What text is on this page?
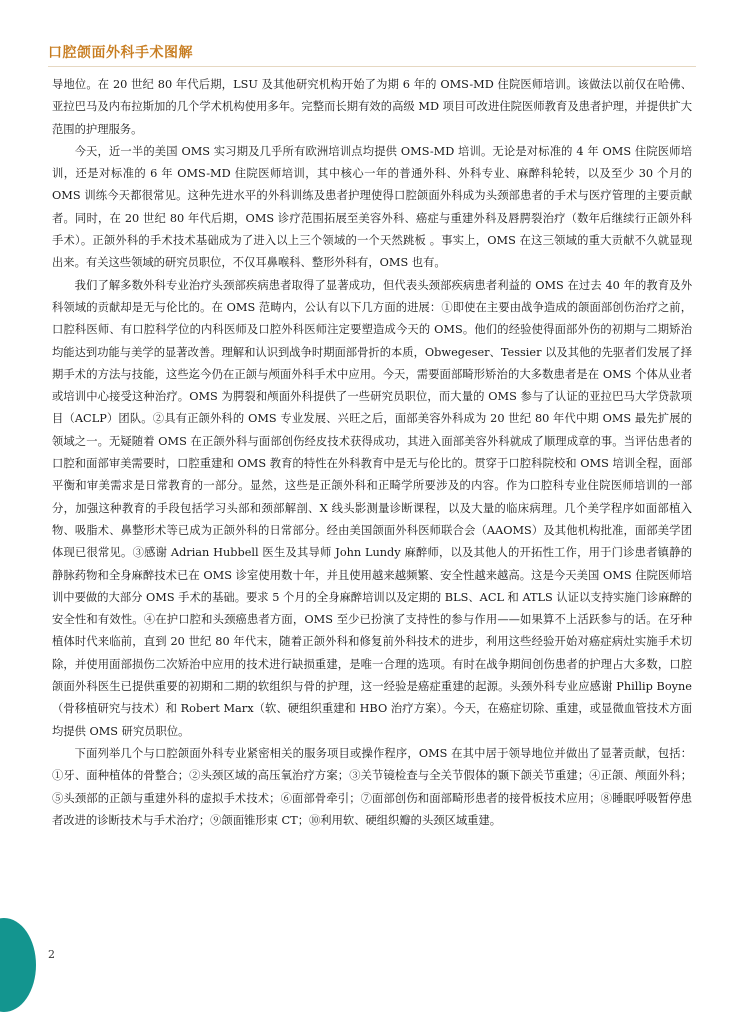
口腔颌面外科手术图解

导地位。在 20 世纪 80 年代后期，LSU 及其他研究机构开始了为期 6 年的 OMS-MD 住院医师培训。该做法以前仅在哈佛、亚拉巴马及内布拉斯加的几个学术机构使用多年。完整而长期有效的高级 MD 项目可改进住院医师教育及患者护理，并提供扩大范围的护理服务。

今天，近一半的美国 OMS 实习期及几乎所有欧洲培训点均提供 OMS-MD 培训。无论是对标准的 4 年 OMS 住院医师培训，还是对标准的 6 年 OMS-MD 住院医师培训，其中核心一年的普通外科、外科专业、麻醉科轮转，以及至少 30 个月的 OMS 训练今天都很常见。这种先进水平的外科训练及患者护理使得口腔颌面外科成为头颈部患者的手术与医疗管理的主要贡献者。同时，在 20 世纪 80 年代后期，OMS 诊疗范围拓展至美容外科、癌症与重建外科及唇腭裂治疗（数年后继续行正颌外科手术）。正颌外科的手术技术基础成为了进入以上三个领域的一个天然跳板 。事实上，OMS 在这三领域的重大贡献不久就显现出来。有关这些领域的研究员职位，不仅耳鼻喉科、整形外科有，OMS 也有。

我们了解多数外科专业治疗头颈部疾病患者取得了显著成功，但代表头颈部疾病患者利益的 OMS 在过去 40 年的教育及外科领域的贡献却是无与伦比的。在 OMS 范畴内，公认有以下几方面的进展：①即使在主要由战争造成的颌面部创伤治疗之前，口腔科医师、有口腔科学位的内科医师及口腔外科医师注定要塑造成今天的 OMS。他们的经验使得面部外伤的初期与二期矫治均能达到功能与美学的显著改善。理解和认识到战争时期面部骨折的本质，Obwegeser、Tessier 以及其他的先驱者们发展了择期手术的方法与技能，这些迄今仍在正颌与颅面外科手术中应用。今天，需要面部畸形矫治的大多数患者是在 OMS 个体从业者或培训中心接受这种治疗。OMS 为腭裂和颅面外科提供了一些研究员职位，而大量的 OMS 参与了认证的亚拉巴马大学贷款项目（ACLP）团队。②具有正颌外科的 OMS 专业发展、兴旺之后，面部美容外科成为 20 世纪 80 年代中期 OMS 最先扩展的领域之一。无疑随着 OMS 在正颌外科与面部创伤经皮技术获得成功，其进入面部美容外科就成了顺理成章的事。当评估患者的口腔和面部审美需要时，口腔重建和 OMS 教育的特性在外科教育中是无与伦比的。贯穿于口腔科院校和 OMS 培训全程，面部平衡和审美需求是日常教育的一部分。显然，这些是正颌外科和正畸学所要涉及的内容。作为口腔科专业住院医师培训的一部分，加强这种教育的手段包括学习头部和颈部解剖、X 线头影测量诊断课程，以及大量的临床病理。几个美学程序如面部植入物、吸脂术、鼻整形术等已成为正颌外科的日常部分。经由美国颌面外科医师联合会（AAOMS）及其他机构批准，面部美学团体现已很常见。③感谢 Adrian Hubbell 医生及其导师 John Lundy 麻醉师，以及其他人的开拓性工作，用于门诊患者镇静的静脉药物和全身麻醉技术已在 OMS 诊室使用数十年，并且使用越来越频繁、安全性越来越高。这是今天美国 OMS 住院医师培训中要做的大部分 OMS 手术的基础。要求 5 个月的全身麻醉培训以及定期的 BLS、ACL 和 ATLS 认证以支持实施门诊麻醉的安全性和有效性。④在护口腔和头颈癌患者方面，OMS 至少已扮演了支持性的参与作用——如果算不上活跃参与的话。在牙种植体时代来临前，直到 20 世纪 80 年代末，随着正颌外科和修复前外科技术的进步，利用这些经验开始对癌症病灶实施手术切除，并使用面部损伤二次矫治中应用的技术进行缺损重建，是唯一合理的选项。有时在战争期间创伤患者的护理占大多数，口腔颌面外科医生已提供重要的初期和二期的软组织与骨的护理，这一经验是癌症重建的起源。头颈外科专业应感谢 Phillip Boyne（骨移植研究与技术）和 Robert Marx（软、硬组织重建和 HBO 治疗方案）。今天，在癌症切除、重建，或显微血管技术方面均提供 OMS 研究员职位。

下面列举几个与口腔颌面外科专业紧密相关的服务项目或操作程序，OMS 在其中居于领导地位并做出了显著贡献，包括：①牙、面种植体的骨整合；②头颈区域的高压氧治疗方案；③关节镜检查与全关节假体的颞下颌关节重建；④正颌、颅面外科；⑤头颈部的正颌与重建外科的虚拟手术技术；⑥面部骨牵引；⑦面部创伤和面部畸形患者的接骨板技术应用；⑧睡眠呼吸暂停患者改进的诊断技术与手术治疗；⑨颌面锥形束 CT；⑩利用软、硬组织瓣的头颈区域重建。

2
